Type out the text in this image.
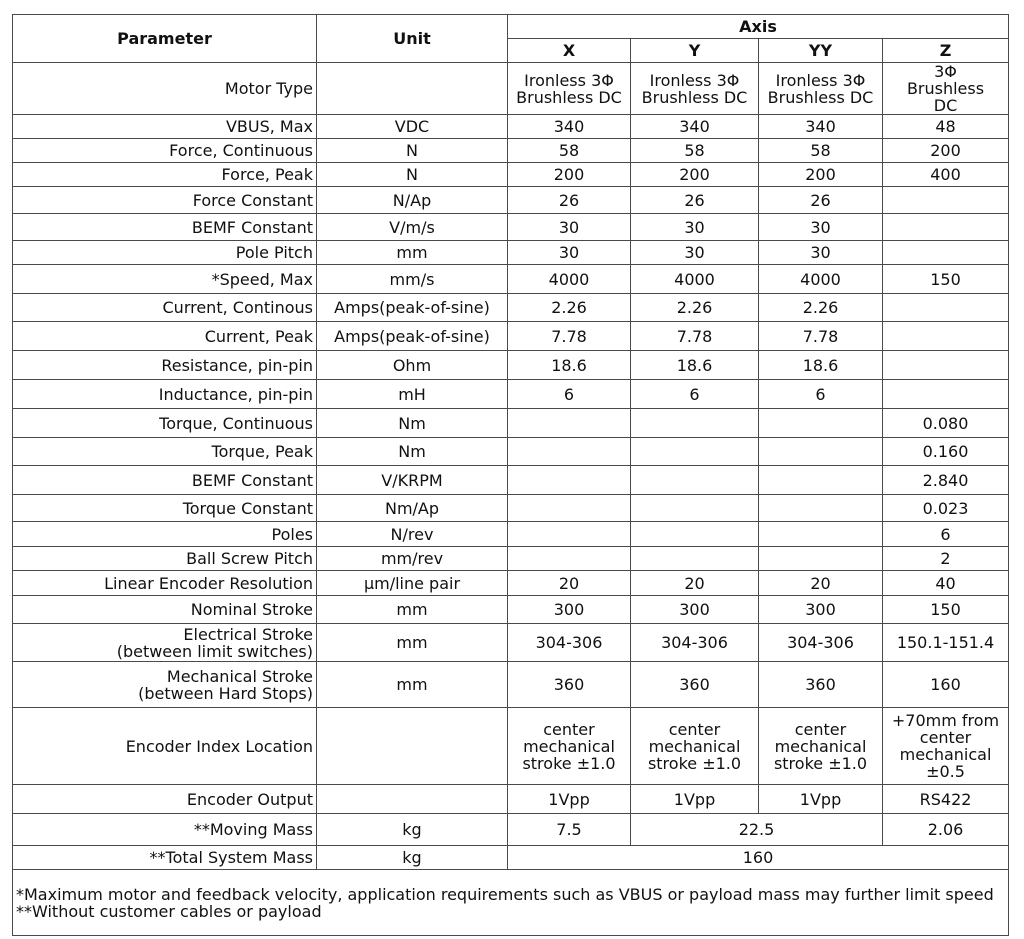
Parameter	Unit	Axis			
		X	Y	YY	Z

Motor Type		Ironless 3Φ Brushless DC	Ironless 3Φ Brushless DC	Ironless 3Φ Brushless DC	3Φ Brushless DC

VBUS, Max	VDC	340	340	340	48

Force, Continuous	N	58	58	58	200

Force, Peak	N	200	200	200	400

Force Constant	N/Ap	26	26	26	

BEMF Constant	V/m/s	30	30	30	

Pole Pitch	mm	30	30	30	

*Speed, Max	mm/s	4000	4000	4000	150

Current, Continous	Amps(peak-of-sine)	2.26	2.26	2.26	

Current, Peak	Amps(peak-of-sine)	7.78	7.78	7.78	

Resistance, pin-pin	Ohm	18.6	18.6	18.6	

Inductance, pin-pin	mH	6	6	6	

Torque, Continuous	Nm				0.080

Torque, Peak	Nm				0.160

BEMF Constant	V/KRPM				2.840

Torque Constant	Nm/Ap				0.023

Poles	N/rev				6

Ball Screw Pitch	mm/rev				2

Linear Encoder Resolution	μm/line pair	20	20	20	40

Nominal Stroke	mm	300	300	300	150

Electrical Stroke
(between limit switches)	mm	304-306	304-306	304-306	150.1-151.4

Mechanical Stroke
(between Hard Stops)	mm	360	360	360	160

Encoder Index Location		center mechanical stroke ±1.0	center mechanical stroke ±1.0	center mechanical stroke ±1.0	+70mm from center mechanical ±0.5

Encoder Output		1Vpp	1Vpp	1Vpp	RS422
**Moving Mass	kg	7.5	22.5		2.06
**Total System Mass	kg	160			

*Maximum motor and feedback velocity, application requirements such as VBUS or payload mass may further limit speed
**Without customer cables or payload					
